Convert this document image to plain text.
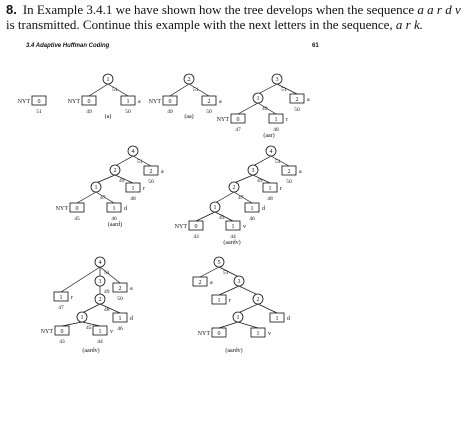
8. In Example 3.4.1 we have shown how the tree develops when the sequence a a r d v is transmitted. Continue this example with the next letters in the sequence, a r k.
3.4 Adaptive Huffman Coding	61
0
NYT
51
1
51
0
NYT
49
1 a
50
(a)
2
51
0
NYT
49
2 a
50
(aa)
3
51
1
49
2 a
50
0
NYT
47
1 r
48
(aar)
4
51
2
49
2 a
50
1
47
1 r
48
0
NYT
45
1 d
46
(aard)
4
51
3
49
2 a
50
2
47
1 r
48
1
45
1 d
46
0
NYT
43
1 v
44
(aardv)
4
51
1 r
47
3
49 2 a
50
2
48
1
45
1 d
46
0
NYT
43
1 v
44
(aardv)
5
51
2 a	3
1 r	2
1	1 d
0
NYT	1 v
(aardv)
